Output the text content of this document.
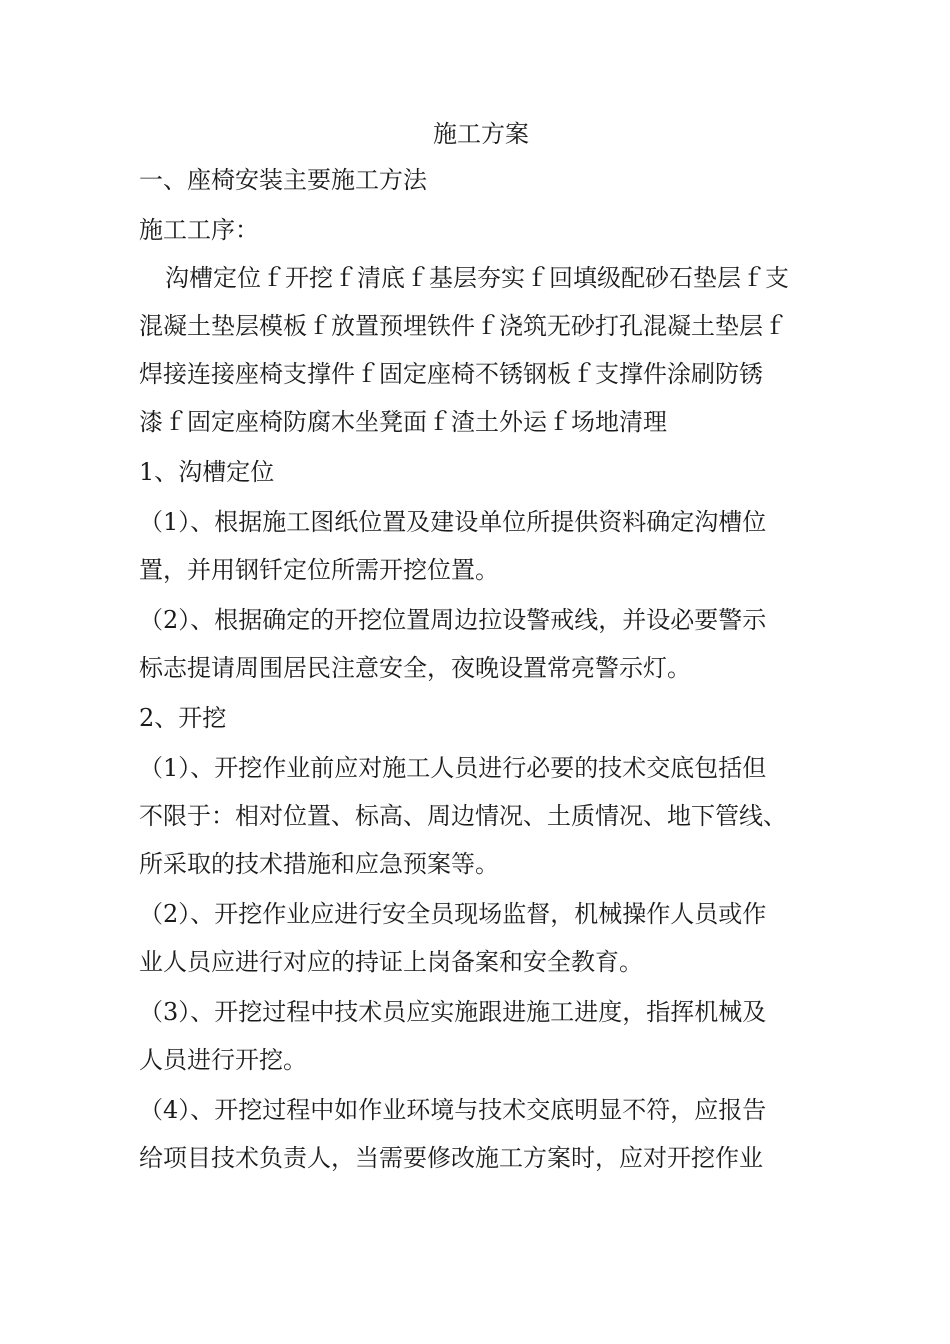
施工方案
一、座椅安装主要施工方法
施工工序：
沟槽定位ｆ开挖ｆ清底ｆ基层夯实ｆ回填级配砂石垫层ｆ支
混凝土垫层模板ｆ放置预埋铁件ｆ浇筑无砂打孔混凝土垫层ｆ
焊接连接座椅支撑件ｆ固定座椅不锈钢板ｆ支撑件涂刷防锈
漆ｆ固定座椅防腐木坐凳面ｆ渣土外运ｆ场地清理
1、沟槽定位
（1）、根据施工图纸位置及建设单位所提供资料确定沟槽位
置，并用钢钎定位所需开挖位置。
（2）、根据确定的开挖位置周边拉设警戒线，并设必要警示
标志提请周围居民注意安全，夜晚设置常亮警示灯。
2、开挖
（1）、开挖作业前应对施工人员进行必要的技术交底包括但
不限于：相对位置、标高、周边情况、土质情况、地下管线、
所采取的技术措施和应急预案等。
（2）、开挖作业应进行安全员现场监督，机械操作人员或作
业人员应进行对应的持证上岗备案和安全教育。
（3）、开挖过程中技术员应实施跟进施工进度，指挥机械及
人员进行开挖。
（4）、开挖过程中如作业环境与技术交底明显不符，应报告
给项目技术负责人，当需要修改施工方案时，应对开挖作业
